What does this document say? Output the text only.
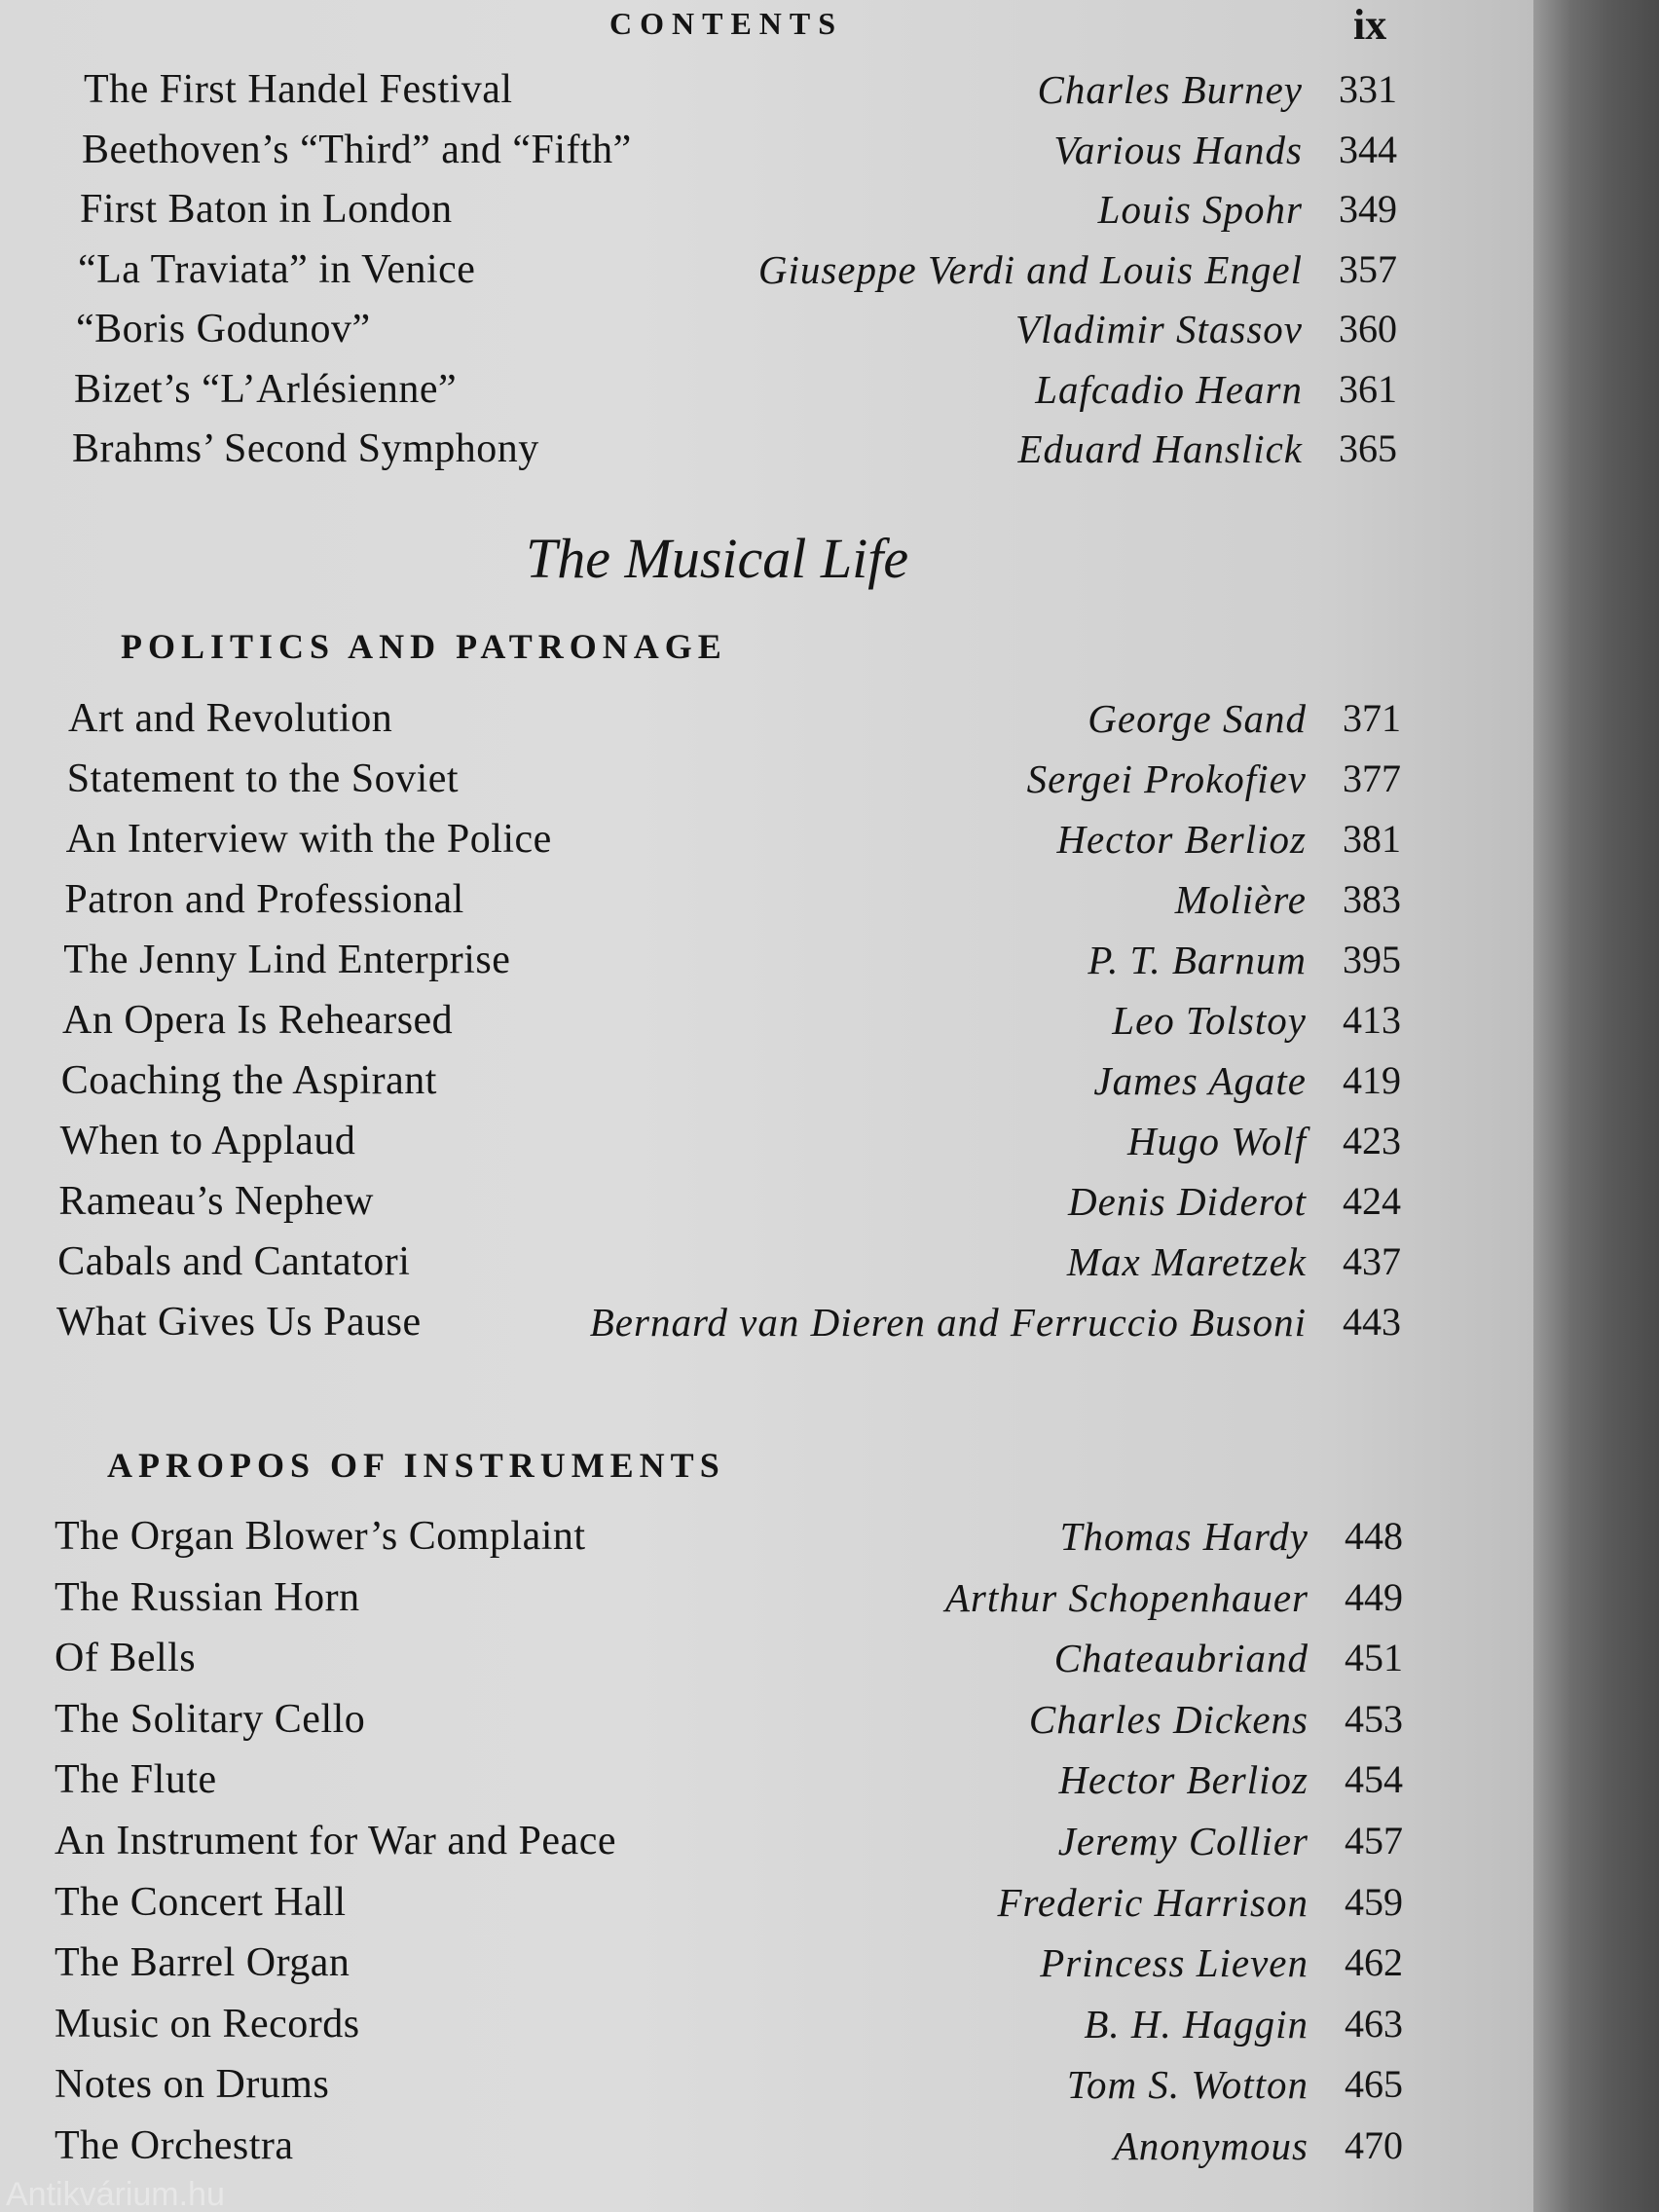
CONTENTS	ix
The First Handel Festival	Charles Burney 331
Beethoven’s “Third” and “Fifth”	Various Hands 344
First Baton in London	Louis Spohr 349
“La Traviata” in Venice	Giuseppe Verdi and Louis Engel 357
“Boris Godunov”	Vladimir Stassov 360
Bizet’s “L’Arlésienne”	Lafcadio Hearn 361
Brahms’ Second Symphony	Eduard Hanslick 365
The Musical Life
POLITICS AND PATRONAGE
Art and Revolution	George Sand 371
Statement to the Soviet	Sergei Prokofiev 377
An Interview with the Police	Hector Berlioz 381
Patron and Professional	Molière 383
The Jenny Lind Enterprise	P. T. Barnum 395
An Opera Is Rehearsed	Leo Tolstoy 413
Coaching the Aspirant	James Agate 419
When to Applaud	Hugo Wolf 423
Rameau’s Nephew	Denis Diderot 424
Cabals and Cantatori	Max Maretzek 437
What Gives Us Pause	Bernard van Dieren and Ferruccio Busoni 443
APROPOS OF INSTRUMENTS
The Organ Blower’s Complaint	Thomas Hardy 448
The Russian Horn	Arthur Schopenhauer 449
Of Bells	Chateaubriand 451
The Solitary Cello	Charles Dickens 453
The Flute	Hector Berlioz 454
An Instrument for War and Peace	Jeremy Collier 457
The Concert Hall	Frederic Harrison 459
The Barrel Organ	Princess Lieven 462
Music on Records	B. H. Haggin 463
Notes on Drums	Tom S. Wotton 465
The Orchestra	Anonymous 470
Antikvárium.hu
